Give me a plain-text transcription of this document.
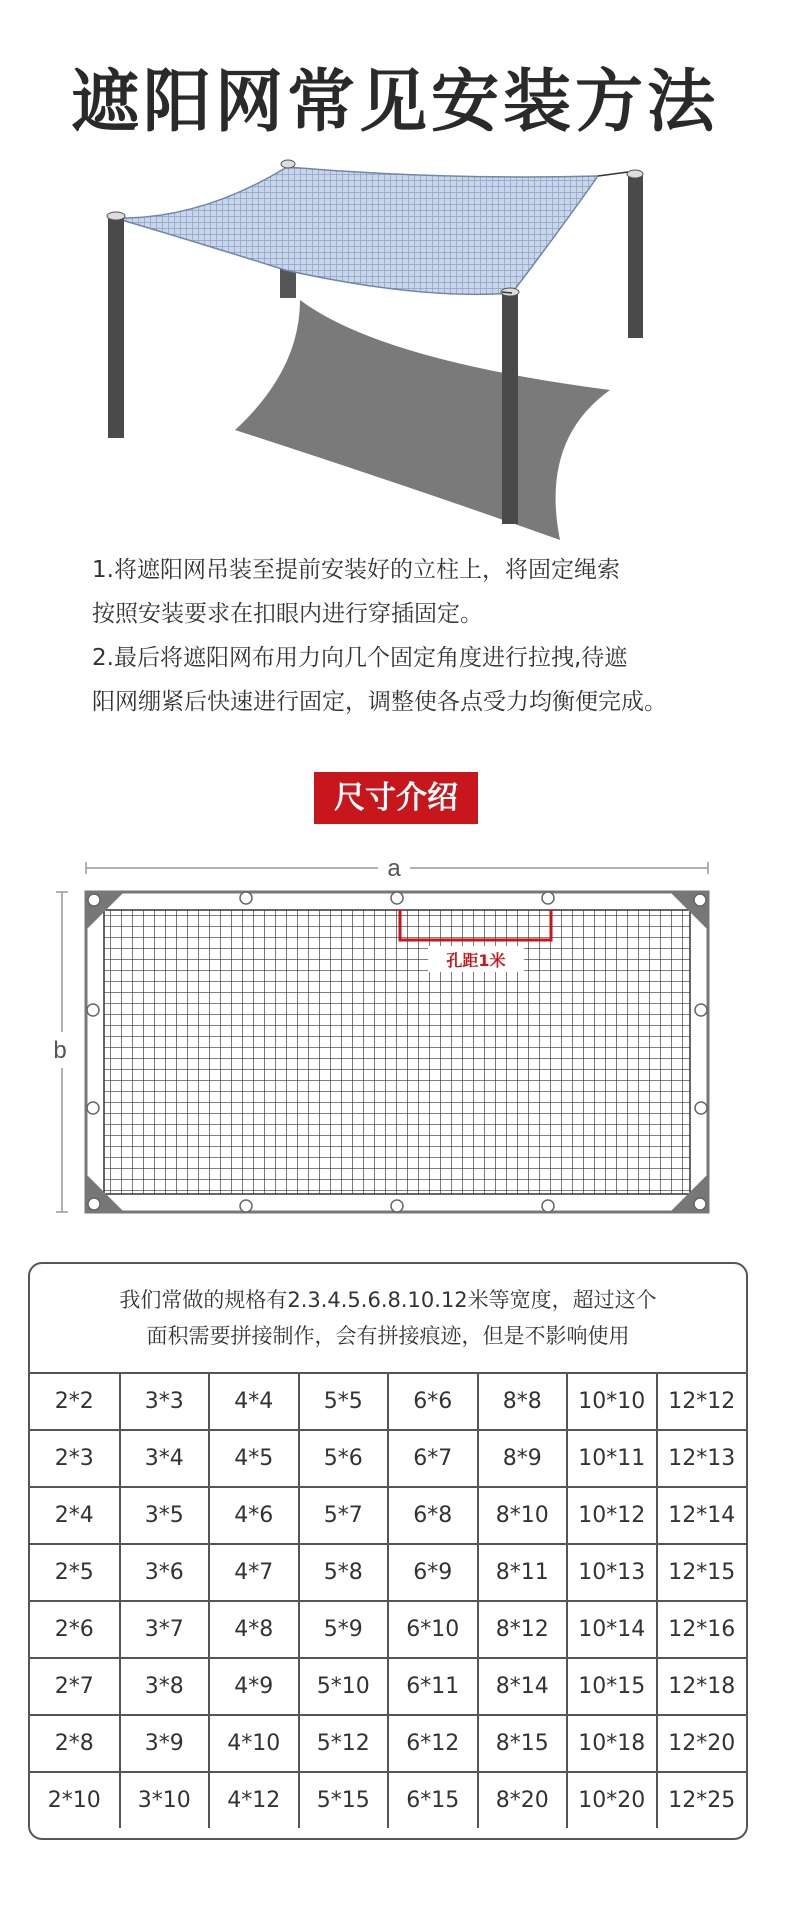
遮阳网常见安装方法

1.将遮阳网吊装至提前安装好的立柱上，将固定绳索

按照安装要求在扣眼内进行穿插固定。

2.最后将遮阳网布用力向几个固定角度进行拉拽,待遮

阳网绷紧后快速进行固定，调整使各点受力均衡便完成。

尺寸介绍
a
b
孔距1米
我们常做的规格有2.3.4.5.6.8.10.12米等宽度，超过这个
面积需要拼接制作，会有拼接痕迹，但是不影响使用
2*2	3*3	4*4	5*5	6*6	8*8	10*10	12*12
2*3	3*4	4*5	5*6	6*7	8*9	10*11	12*13
2*4	3*5	4*6	5*7	6*8	8*10	10*12	12*14
2*5	3*6	4*7	5*8	6*9	8*11	10*13	12*15
2*6	3*7	4*8	5*9	6*10	8*12	10*14	12*16
2*7	3*8	4*9	5*10	6*11	8*14	10*15	12*18
2*8	3*9	4*10	5*12	6*12	8*15	10*18	12*20
2*10	3*10	4*12	5*15	6*15	8*20	10*20	12*25
